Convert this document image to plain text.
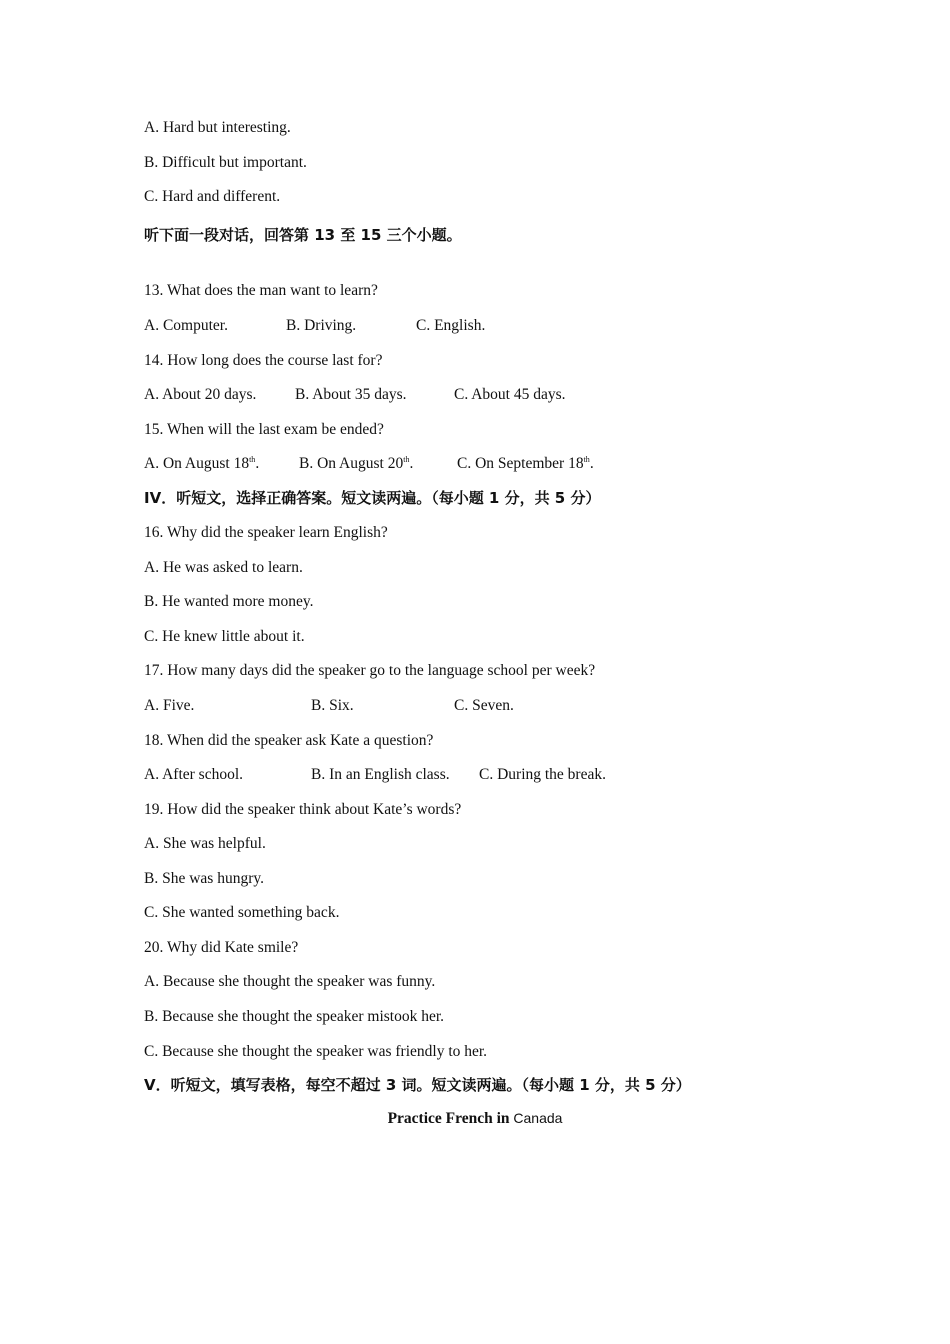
A. Hard but interesting.
B. Difficult but important.
C. Hard and different.
听下面一段对话，回答第 13 至 15 三个小题。
13. What does the man want to learn?
A. Computer.	B. Driving.	C. English.
14. How long does the course last for?
A. About 20 days. B. About 35 days.	C. About 45 days.
15. When will the last exam be ended?
A. On August 18th.	B. On August 20th.	C. On September 18th.
IV．听短文，选择正确答案。短文读两遍。（每小题 1 分，共 5 分）
16. Why did the speaker learn English?
A. He was asked to learn.
B. He wanted more money.
C. He knew little about it.
17. How many days did the speaker go to the language school per week?
A. Five.	B. Six.	C. Seven.
18. When did the speaker ask Kate a question?
A. After school.	B. In an English class. C. During the break.
19. How did the speaker think about Kate’s words?
A. She was helpful.
B. She was hungry.
C. She wanted something back.
20. Why did Kate smile?
A. Because she thought the speaker was funny.
B. Because she thought the speaker mistook her.
C. Because she thought the speaker was friendly to her.
V．听短文，填写表格，每空不超过 3 词。短文读两遍。（每小题 1 分，共 5 分）
Practice French in Canada
